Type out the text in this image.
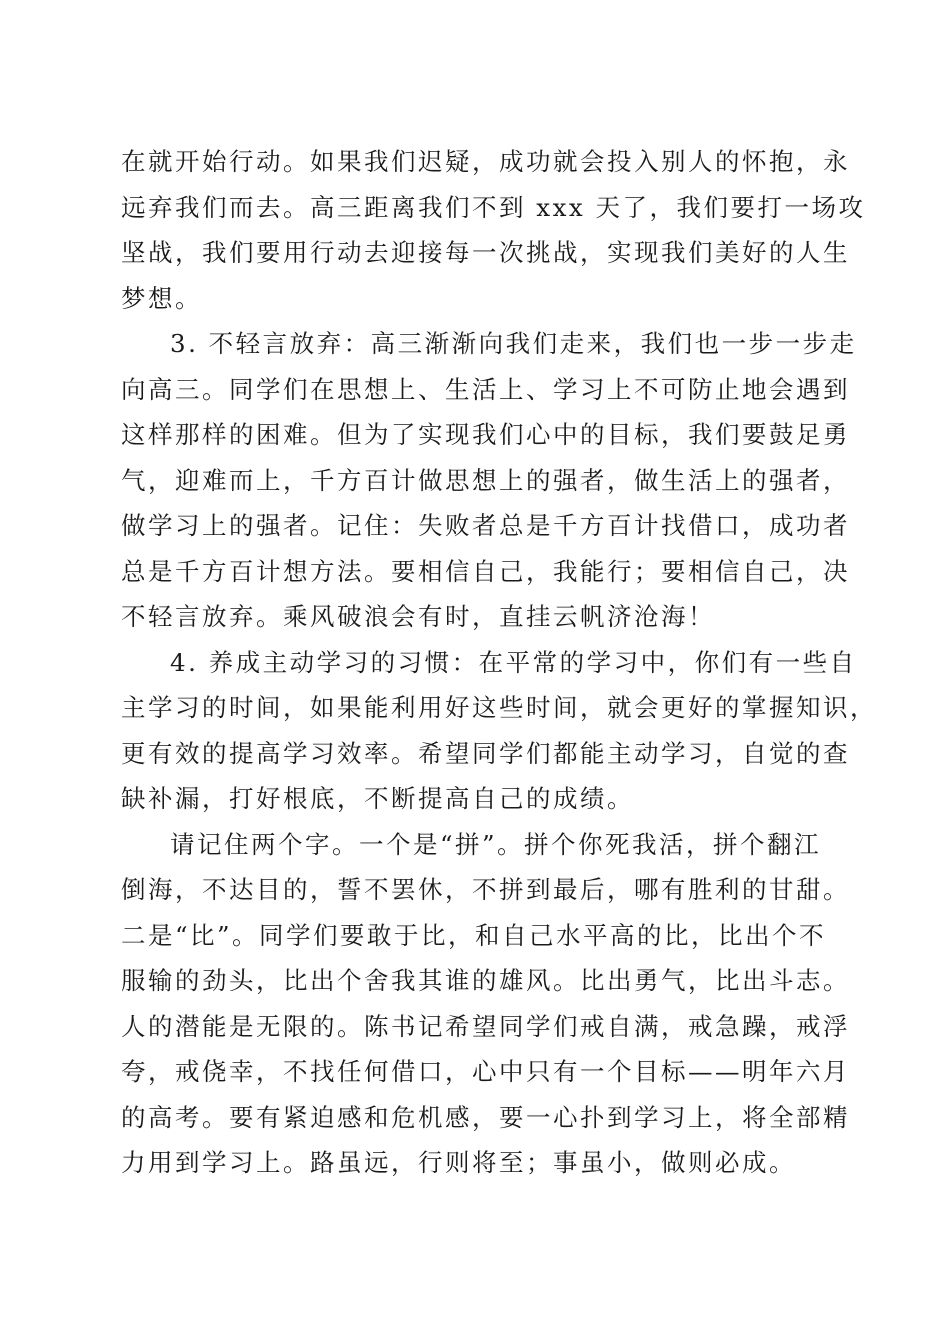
在就开始行动。如果我们迟疑，成功就会投入别人的怀抱，永
远弃我们而去。高三距离我们不到 xxx 天了，我们要打一场攻
坚战，我们要用行动去迎接每一次挑战，实现我们美好的人生
梦想。
3. 不轻言放弃：高三渐渐向我们走来，我们也一步一步走
向高三。同学们在思想上、生活上、学习上不可防止地会遇到
这样那样的困难。但为了实现我们心中的目标，我们要鼓足勇
气，迎难而上，千方百计做思想上的强者，做生活上的强者，
做学习上的强者。记住：失败者总是千方百计找借口，成功者
总是千方百计想方法。要相信自己，我能行；要相信自己，决
不轻言放弃。乘风破浪会有时，直挂云帆济沧海！
4. 养成主动学习的习惯：在平常的学习中，你们有一些自
主学习的时间，如果能利用好这些时间，就会更好的掌握知识，
更有效的提高学习效率。希望同学们都能主动学习，自觉的查
缺补漏，打好根底，不断提高自己的成绩。
请记住两个字。一个是“拼”。拼个你死我活，拼个翻江
倒海，不达目的，誓不罢休，不拼到最后，哪有胜利的甘甜。
二是“比”。同学们要敢于比，和自己水平高的比，比出个不
服输的劲头，比出个舍我其谁的雄风。比出勇气，比出斗志。
人的潜能是无限的。陈书记希望同学们戒自满，戒急躁，戒浮
夸，戒侥幸，不找任何借口，心中只有一个目标——明年六月
的高考。要有紧迫感和危机感，要一心扑到学习上，将全部精
力用到学习上。路虽远，行则将至；事虽小，做则必成。
